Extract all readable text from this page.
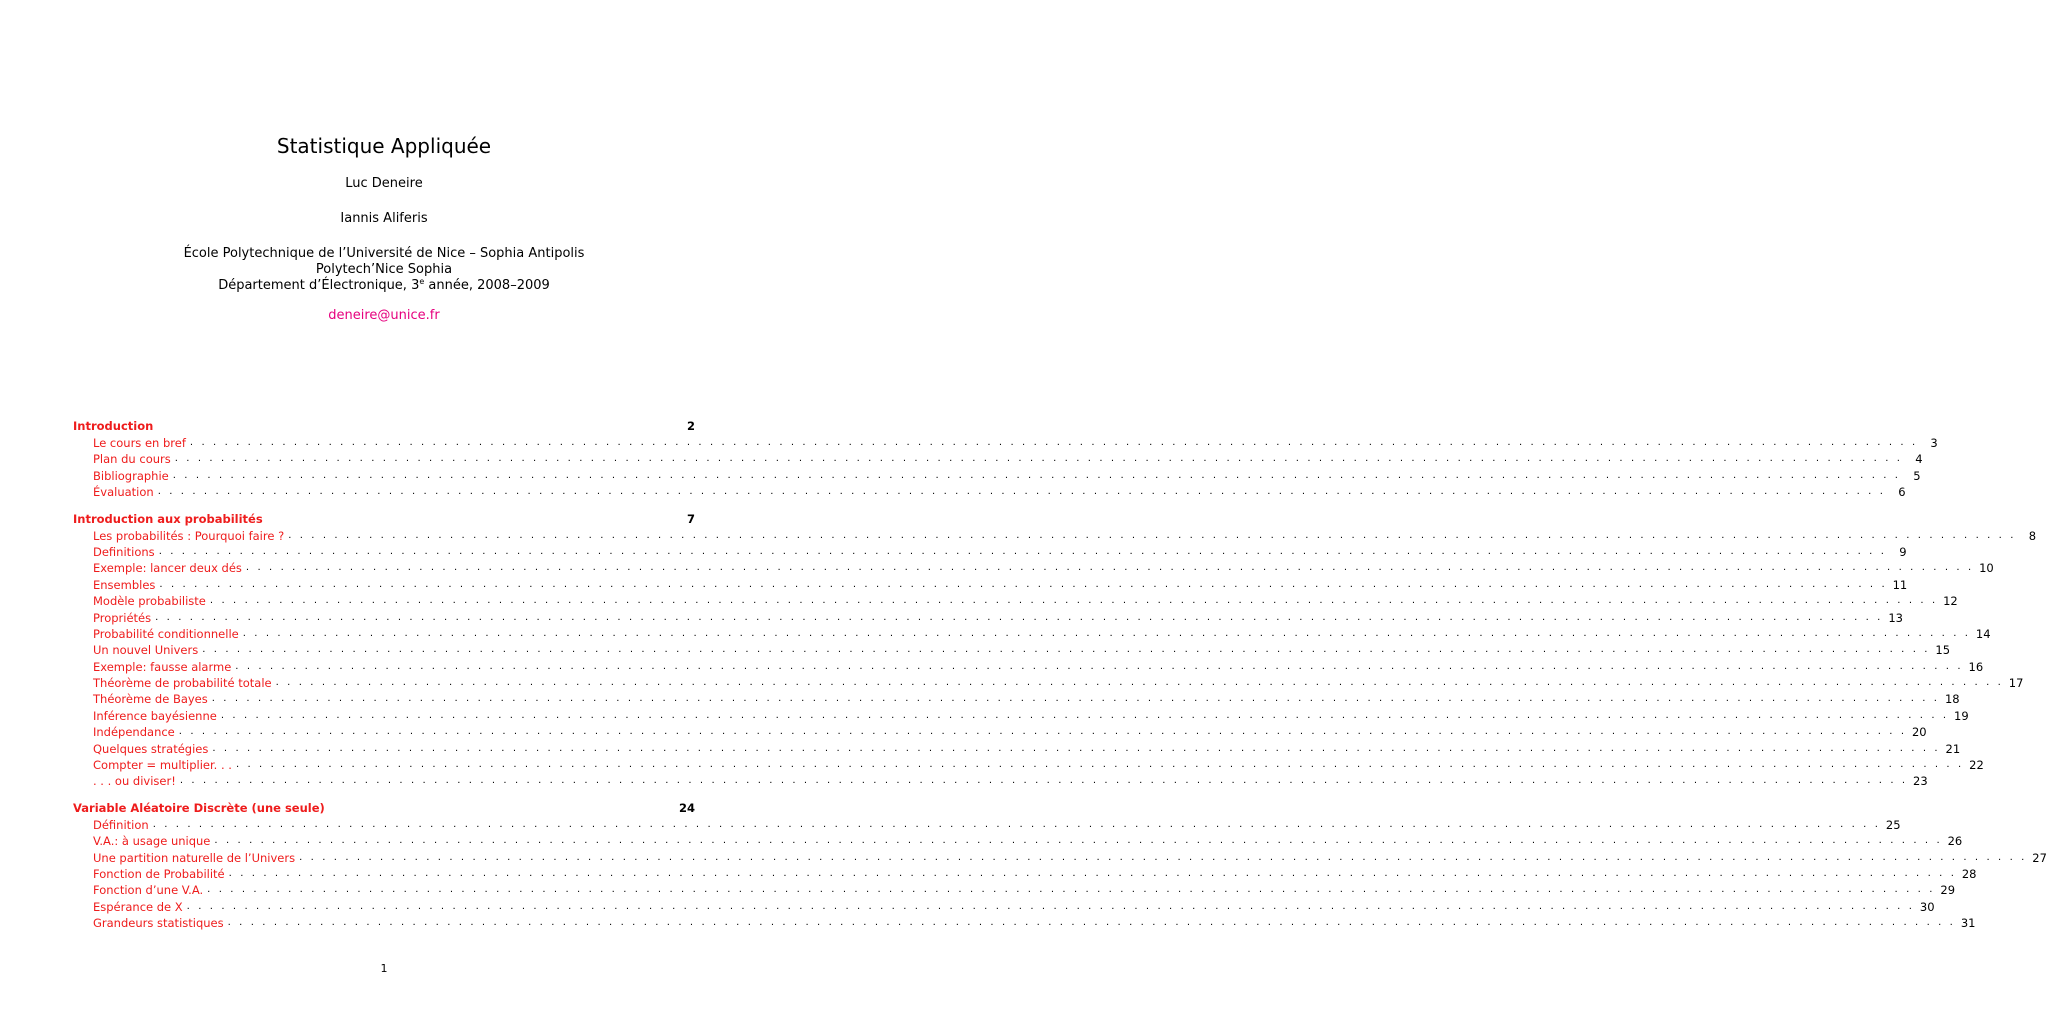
Statistique Appliquée
Luc Deneire
Iannis Aliferis
École Polytechnique de l’Université de Nice – Sophia Antipolis
Polytech’Nice Sophia
Département d’Électronique, 3e année, 2008–2009
deneire@unice.fr
Introduction	2
Le cours en bref . . . . . . . . . . . . . . . . . . . . . . . . . . . . . . . . . . . . . . . . . . . . . . . . . . . . . . . . . . . . . . . . . . . . . . . . . . . . . . . . . . . . . . . . . . . . . . . . . . . . . . . . . . . . . . . . . . . . . . . . . . . . . . . . . . . . . . . . . . . . . . . . . . . . . .	3
Plan du cours . . . . . . . . . . . . . . . . . . . . . . . . . . . . . . . . . . . . . . . . . . . . . . . . . . . . . . . . . . . . . . . . . . . . . . . . . . . . . . . . . . . . . . . . . . . . . . . . . . . . . . . . . . . . . . . . . . . . . . . . . . . . . . . . . . . . . . . . . . . . . . . . . . . . . .	4
Bibliographie . . . . . . . . . . . . . . . . . . . . . . . . . . . . . . . . . . . . . . . . . . . . . . . . . . . . . . . . . . . . . . . . . . . . . . . . . . . . . . . . . . . . . . . . . . . . . . . . . . . . . . . . . . . . . . . . . . . . . . . . . . . . . . . . . . . . . . . . . . . . . . . . . . . . . .	5
Évaluation . . . . . . . . . . . . . . . . . . . . . . . . . . . . . . . . . . . . . . . . . . . . . . . . . . . . . . . . . . . . . . . . . . . . . . . . . . . . . . . . . . . . . . . . . . . . . . . . . . . . . . . . . . . . . . . . . . . . . . . . . . . . . . . . . . . . . . . . . . . . . . . . . . . . . .	6
Introduction aux probabilités	7
Les probabilités : Pourquoi faire ? . . . . . . . . . . . . . . . . . . . . . . . . . . . . . . . . . . . . . . . . . . . . . . . . . . . . . . . . . . . . . . . . . . . . . . . . . . . . . . . . . . . . . . . . . . . . . . . . . . . . . . . . . . . . . . . . . . . . . . . . . . . . . . . . . . . . . . . . . . . . . . . . . . . . . .	8
Definitions . . . . . . . . . . . . . . . . . . . . . . . . . . . . . . . . . . . . . . . . . . . . . . . . . . . . . . . . . . . . . . . . . . . . . . . . . . . . . . . . . . . . . . . . . . . . . . . . . . . . . . . . . . . . . . . . . . . . . . . . . . . . . . . . . . . . . . . . . . . . . . . . . . . . . .	9
Exemple: lancer deux dés . . . . . . . . . . . . . . . . . . . . . . . . . . . . . . . . . . . . . . . . . . . . . . . . . . . . . . . . . . . . . . . . . . . . . . . . . . . . . . . . . . . . . . . . . . . . . . . . . . . . . . . . . . . . . . . . . . . . . . . . . . . . . . . . . . . . . . . . . . . . . . . . . . . . . . 10
Ensembles . . . . . . . . . . . . . . . . . . . . . . . . . . . . . . . . . . . . . . . . . . . . . . . . . . . . . . . . . . . . . . . . . . . . . . . . . . . . . . . . . . . . . . . . . . . . . . . . . . . . . . . . . . . . . . . . . . . . . . . . . . . . . . . . . . . . . . . . . . . . . . . . . . . . . . 11
Modèle probabiliste . . . . . . . . . . . . . . . . . . . . . . . . . . . . . . . . . . . . . . . . . . . . . . . . . . . . . . . . . . . . . . . . . . . . . . . . . . . . . . . . . . . . . . . . . . . . . . . . . . . . . . . . . . . . . . . . . . . . . . . . . . . . . . . . . . . . . . . . . . . . . . . . . . . . . . 12
Propriétés . . . . . . . . . . . . . . . . . . . . . . . . . . . . . . . . . . . . . . . . . . . . . . . . . . . . . . . . . . . . . . . . . . . . . . . . . . . . . . . . . . . . . . . . . . . . . . . . . . . . . . . . . . . . . . . . . . . . . . . . . . . . . . . . . . . . . . . . . . . . . . . . . . . . . . 13
Probabilité conditionnelle . . . . . . . . . . . . . . . . . . . . . . . . . . . . . . . . . . . . . . . . . . . . . . . . . . . . . . . . . . . . . . . . . . . . . . . . . . . . . . . . . . . . . . . . . . . . . . . . . . . . . . . . . . . . . . . . . . . . . . . . . . . . . . . . . . . . . . . . . . . . . . . . . . . . . . 14
Un nouvel Univers . . . . . . . . . . . . . . . . . . . . . . . . . . . . . . . . . . . . . . . . . . . . . . . . . . . . . . . . . . . . . . . . . . . . . . . . . . . . . . . . . . . . . . . . . . . . . . . . . . . . . . . . . . . . . . . . . . . . . . . . . . . . . . . . . . . . . . . . . . . . . . . . . . . . . . 15
Exemple: fausse alarme . . . . . . . . . . . . . . . . . . . . . . . . . . . . . . . . . . . . . . . . . . . . . . . . . . . . . . . . . . . . . . . . . . . . . . . . . . . . . . . . . . . . . . . . . . . . . . . . . . . . . . . . . . . . . . . . . . . . . . . . . . . . . . . . . . . . . . . . . . . . . . . . . . . . . . 16
Théorème de probabilité totale . . . . . . . . . . . . . . . . . . . . . . . . . . . . . . . . . . . . . . . . . . . . . . . . . . . . . . . . . . . . . . . . . . . . . . . . . . . . . . . . . . . . . . . . . . . . . . . . . . . . . . . . . . . . . . . . . . . . . . . . . . . . . . . . . . . . . . . . . . . . . . . . . . . . . . 17
Théorème de Bayes . . . . . . . . . . . . . . . . . . . . . . . . . . . . . . . . . . . . . . . . . . . . . . . . . . . . . . . . . . . . . . . . . . . . . . . . . . . . . . . . . . . . . . . . . . . . . . . . . . . . . . . . . . . . . . . . . . . . . . . . . . . . . . . . . . . . . . . . . . . . . . . . . . . . . . 18
Inférence bayésienne . . . . . . . . . . . . . . . . . . . . . . . . . . . . . . . . . . . . . . . . . . . . . . . . . . . . . . . . . . . . . . . . . . . . . . . . . . . . . . . . . . . . . . . . . . . . . . . . . . . . . . . . . . . . . . . . . . . . . . . . . . . . . . . . . . . . . . . . . . . . . . . . . . . . . . 19
Indépendance . . . . . . . . . . . . . . . . . . . . . . . . . . . . . . . . . . . . . . . . . . . . . . . . . . . . . . . . . . . . . . . . . . . . . . . . . . . . . . . . . . . . . . . . . . . . . . . . . . . . . . . . . . . . . . . . . . . . . . . . . . . . . . . . . . . . . . . . . . . . . . . . . . . . . . 20
Quelques stratégies . . . . . . . . . . . . . . . . . . . . . . . . . . . . . . . . . . . . . . . . . . . . . . . . . . . . . . . . . . . . . . . . . . . . . . . . . . . . . . . . . . . . . . . . . . . . . . . . . . . . . . . . . . . . . . . . . . . . . . . . . . . . . . . . . . . . . . . . . . . . . . . . . . . . . . 21
Compter = multiplier. . . . . . . . . . . . . . . . . . . . . . . . . . . . . . . . . . . . . . . . . . . . . . . . . . . . . . . . . . . . . . . . . . . . . . . . . . . . . . . . . . . . . . . . . . . . . . . . . . . . . . . . . . . . . . . . . . . . . . . . . . . . . . . . . . . . . . . . . . . . . . . . . . . . . . . . . 22
. . . ou diviser! . . . . . . . . . . . . . . . . . . . . . . . . . . . . . . . . . . . . . . . . . . . . . . . . . . . . . . . . . . . . . . . . . . . . . . . . . . . . . . . . . . . . . . . . . . . . . . . . . . . . . . . . . . . . . . . . . . . . . . . . . . . . . . . . . . . . . . . . . . . . . . . . . . . . . . 23
Variable Aléatoire Discrète (une seule)	24
Définition . . . . . . . . . . . . . . . . . . . . . . . . . . . . . . . . . . . . . . . . . . . . . . . . . . . . . . . . . . . . . . . . . . . . . . . . . . . . . . . . . . . . . . . . . . . . . . . . . . . . . . . . . . . . . . . . . . . . . . . . . . . . . . . . . . . . . . . . . . . . . . . . . . . . . . 25
V.A.: à usage unique . . . . . . . . . . . . . . . . . . . . . . . . . . . . . . . . . . . . . . . . . . . . . . . . . . . . . . . . . . . . . . . . . . . . . . . . . . . . . . . . . . . . . . . . . . . . . . . . . . . . . . . . . . . . . . . . . . . . . . . . . . . . . . . . . . . . . . . . . . . . . . . . . . . . . . 26
Une partition naturelle de l’Univers . . . . . . . . . . . . . . . . . . . . . . . . . . . . . . . . . . . . . . . . . . . . . . . . . . . . . . . . . . . . . . . . . . . . . . . . . . . . . . . . . . . . . . . . . . . . . . . . . . . . . . . . . . . . . . . . . . . . . . . . . . . . . . . . . . . . . . . . . . . . . . . . . . . . . . 27
Fonction de Probabilité . . . . . . . . . . . . . . . . . . . . . . . . . . . . . . . . . . . . . . . . . . . . . . . . . . . . . . . . . . . . . . . . . . . . . . . . . . . . . . . . . . . . . . . . . . . . . . . . . . . . . . . . . . . . . . . . . . . . . . . . . . . . . . . . . . . . . . . . . . . . . . . . . . . . . . 28
Fonction d’une V.A. . . . . . . . . . . . . . . . . . . . . . . . . . . . . . . . . . . . . . . . . . . . . . . . . . . . . . . . . . . . . . . . . . . . . . . . . . . . . . . . . . . . . . . . . . . . . . . . . . . . . . . . . . . . . . . . . . . . . . . . . . . . . . . . . . . . . . . . . . . . . . . . . . . . . . . 29
Espérance de X . . . . . . . . . . . . . . . . . . . . . . . . . . . . . . . . . . . . . . . . . . . . . . . . . . . . . . . . . . . . . . . . . . . . . . . . . . . . . . . . . . . . . . . . . . . . . . . . . . . . . . . . . . . . . . . . . . . . . . . . . . . . . . . . . . . . . . . . . . . . . . . . . . . . . . 30
Grandeurs statistiques . . . . . . . . . . . . . . . . . . . . . . . . . . . . . . . . . . . . . . . . . . . . . . . . . . . . . . . . . . . . . . . . . . . . . . . . . . . . . . . . . . . . . . . . . . . . . . . . . . . . . . . . . . . . . . . . . . . . . . . . . . . . . . . . . . . . . . . . . . . . . . . . . . . . . . 31
1
